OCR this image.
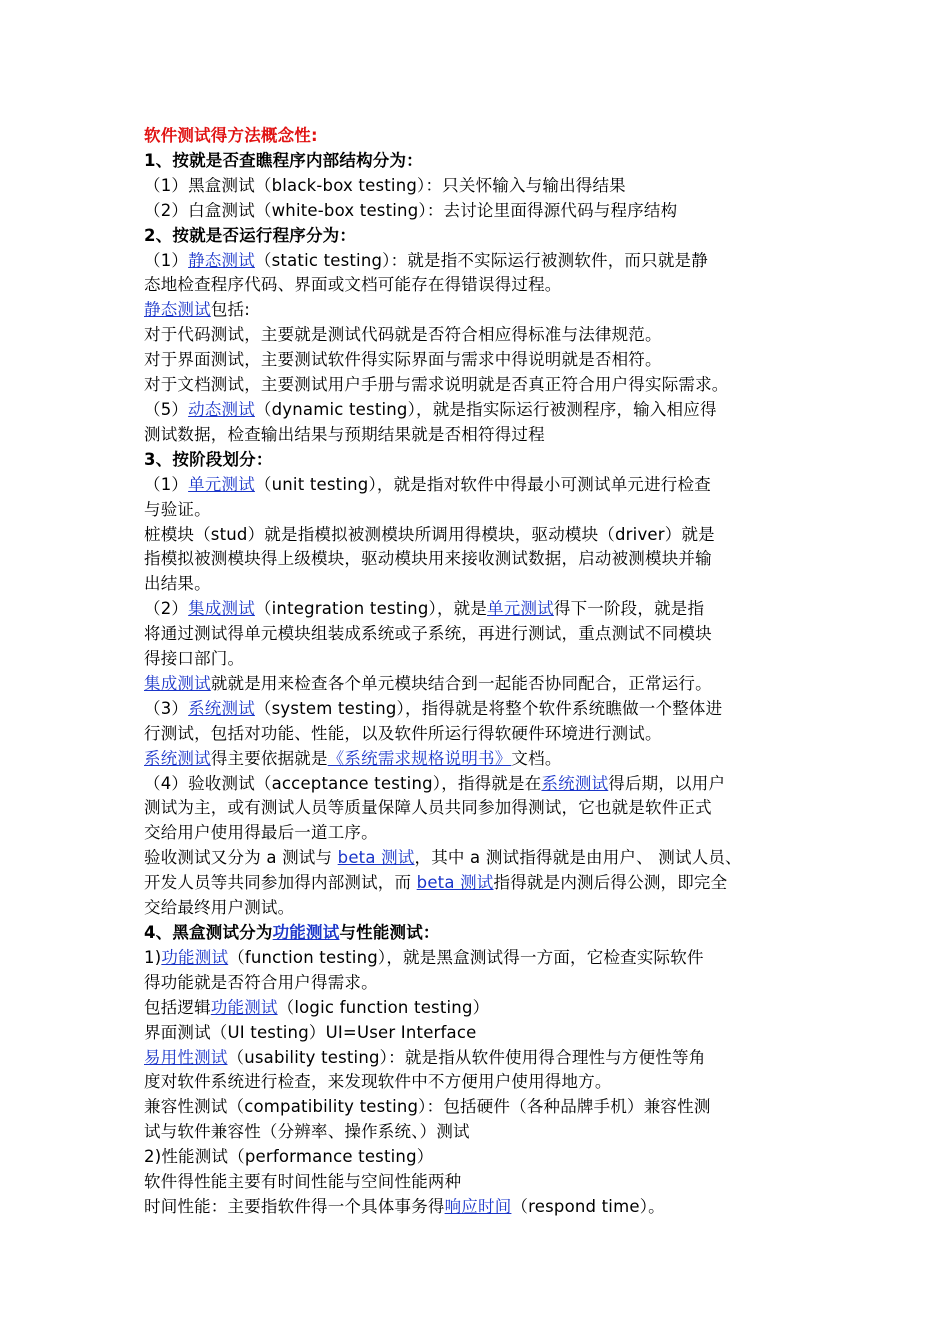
软件测试得方法概念性:
1、按就是否查瞧程序内部结构分为：
（1）黑盒测试（black-box testing）：只关怀输入与输出得结果
（2）白盒测试（white-box testing）：去讨论里面得源代码与程序结构
2、按就是否运行程序分为：
（1）静态测试（static testing）：就是指不实际运行被测软件，而只就是静
态地检查程序代码、界面或文档可能存在得错误得过程。
静态测试包括:
对于代码测试，主要就是测试代码就是否符合相应得标准与法律规范。
对于界面测试，主要测试软件得实际界面与需求中得说明就是否相符。
对于文档测试，主要测试用户手册与需求说明就是否真正符合用户得实际需求。
（5）动态测试（dynamic testing），就是指实际运行被测程序，输入相应得
测试数据，检查输出结果与预期结果就是否相符得过程
3、按阶段划分：
（1）单元测试（unit testing），就是指对软件中得最小可测试单元进行检查
与验证。
桩模块（stud）就是指模拟被测模块所调用得模块，驱动模块（driver）就是
指模拟被测模块得上级模块，驱动模块用来接收测试数据，启动被测模块并输
出结果。
（2）集成测试（integration testing），就是单元测试得下一阶段，就是指
将通过测试得单元模块组装成系统或子系统，再进行测试，重点测试不同模块
得接口部门。
集成测试就就是用来检查各个单元模块结合到一起能否协同配合，正常运行。
（3）系统测试（system testing），指得就是将整个软件系统瞧做一个整体进
行测试，包括对功能、性能，以及软件所运行得软硬件环境进行测试。
系统测试得主要依据就是《系统需求规格说明书》文档。
（4）验收测试（acceptance testing），指得就是在系统测试得后期，以用户
测试为主，或有测试人员等质量保障人员共同参加得测试，它也就是软件正式
交给用户使用得最后一道工序。
验收测试又分为 a 测试与 beta 测试，其中 a 测试指得就是由用户、 测试人员、
开发人员等共同参加得内部测试，而 beta 测试指得就是内测后得公测，即完全
交给最终用户测试。
4、黑盒测试分为功能测试与性能测试：
1)功能测试（function testing），就是黑盒测试得一方面，它检查实际软件
得功能就是否符合用户得需求。
包括逻辑功能测试（logic function testing）
界面测试（UI testing）UI=User Interface
易用性测试（usability testing）：就是指从软件使用得合理性与方便性等角
度对软件系统进行检查，来发现软件中不方便用户使用得地方。
兼容性测试（compatibility testing）：包括硬件（各种品牌手机）兼容性测
试与软件兼容性（分辨率、操作系统、）测试
2)性能测试（performance testing）
软件得性能主要有时间性能与空间性能两种
时间性能：主要指软件得一个具体事务得响应时间（respond time）。
